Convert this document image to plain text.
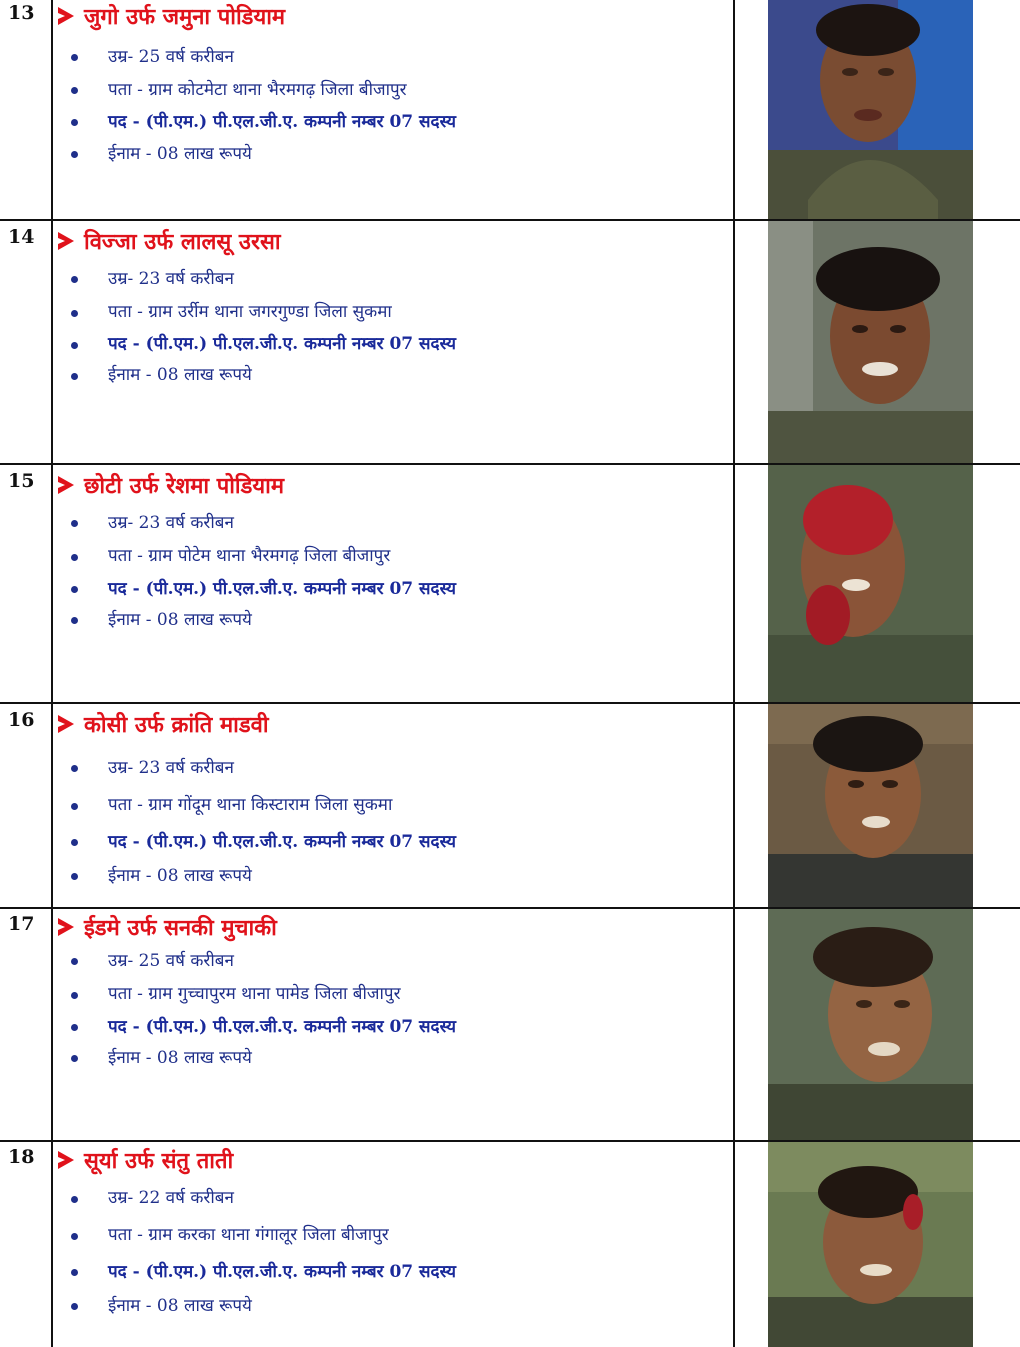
13 जुगो उर्फ जमुना पोडियाम
उम्र- 25 वर्ष करीबन
पता - ग्राम कोटमेटा थाना भैरमगढ़ जिला बीजापुर
पद - (पी.एम.) पी.एल.जी.ए. कम्पनी नम्बर 07 सदस्य
ईनाम - 08 लाख रूपये
14 विज्जा उर्फ लालसू उरसा
उम्र- 23 वर्ष करीबन
पता - ग्राम उर्रीम थाना जगरगुण्डा जिला सुकमा
पद - (पी.एम.) पी.एल.जी.ए. कम्पनी नम्बर 07 सदस्य
ईनाम - 08 लाख रूपये
15 छोटी उर्फ रेशमा पोडियाम
उम्र- 23 वर्ष करीबन
पता - ग्राम पोटेम थाना भैरमगढ़ जिला बीजापुर
पद - (पी.एम.) पी.एल.जी.ए. कम्पनी नम्बर 07 सदस्य
ईनाम - 08 लाख रूपये
16 कोसी उर्फ क्रांति माडवी
उम्र- 23 वर्ष करीबन
पता - ग्राम गोंदूम थाना किस्टाराम जिला सुकमा
पद - (पी.एम.) पी.एल.जी.ए. कम्पनी नम्बर 07 सदस्य
ईनाम - 08 लाख रूपये
17 ईडमे उर्फ सनकी मुचाकी
उम्र- 25 वर्ष करीबन
पता - ग्राम गुच्चापुरम थाना पामेड जिला बीजापुर
पद - (पी.एम.) पी.एल.जी.ए. कम्पनी नम्बर 07 सदस्य
ईनाम - 08 लाख रूपये
18 सूर्या उर्फ संतु ताती
उम्र- 22 वर्ष करीबन
पता - ग्राम करका थाना गंगालूर जिला बीजापुर
पद - (पी.एम.) पी.एल.जी.ए. कम्पनी नम्बर 07 सदस्य
ईनाम - 08 लाख रूपये
